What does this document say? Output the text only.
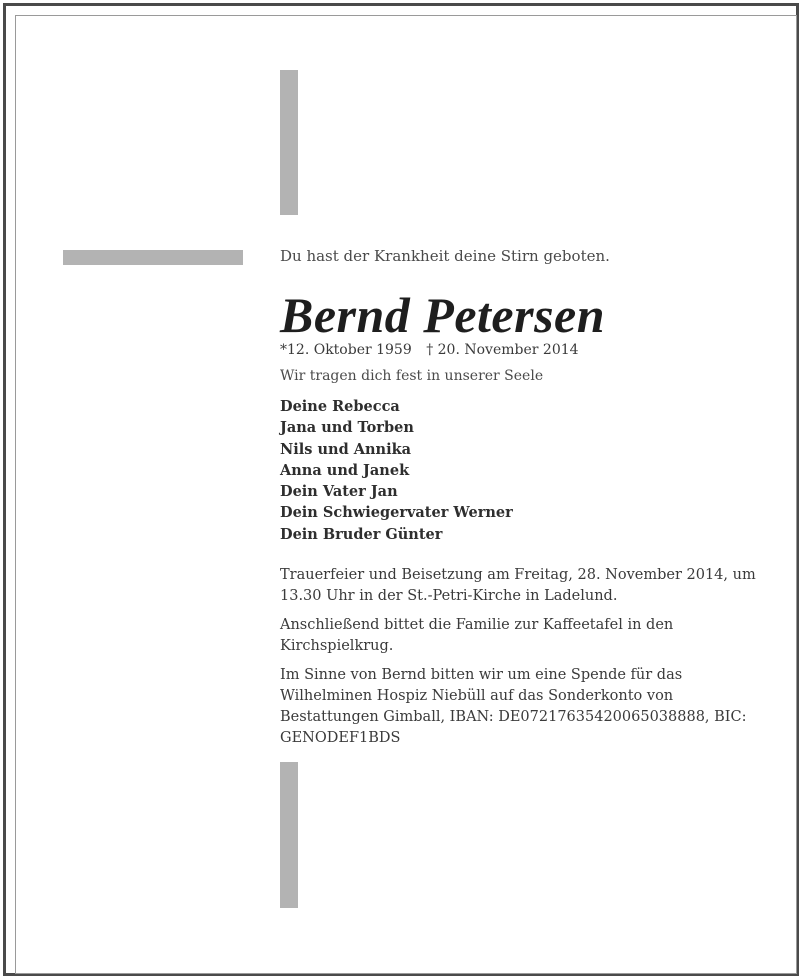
Du hast der Krankheit deine Stirn geboten.

Bernd Petersen

*12. Oktober 1959 † 20. November 2014

Wir tragen dich fest in unserer Seele

Deine Rebecca
Jana und Torben
Nils und Annika
Anna und Janek
Dein Vater Jan
Dein Schwiegervater Werner
Dein Bruder Günter

Trauerfeier und Beisetzung am Freitag, 28. November 2014, um 13.30 Uhr in der St.-Petri-Kirche in Ladelund.

Anschließend bittet die Familie zur Kaffeetafel in den Kirchspielkrug.

Im Sinne von Bernd bitten wir um eine Spende für das Wilhelminen Hospiz Niebüll auf das Sonderkonto von Bestattungen Gimball, IBAN: DE07217635420065038888, BIC: GENODEF1BDS
